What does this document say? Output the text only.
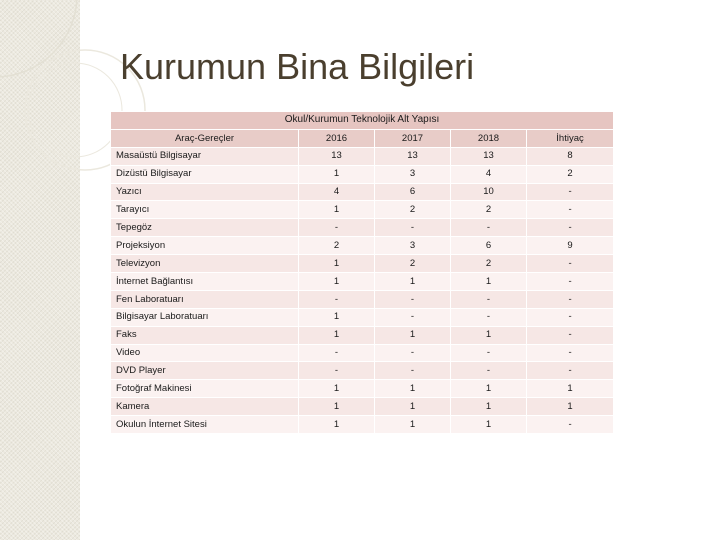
Kurumun Bina Bilgileri
Okul/Kurumun Teknolojik Alt Yapısı				
Araç-Gereçler	2016	2017	2018	İhtiyaç
Masaüstü Bilgisayar	13	13	13	8
Dizüstü Bilgisayar	1	3	4	2
Yazıcı	4	6	10	-
Tarayıcı	1	2	2	-
Tepegöz	-	-	-	-
Projeksiyon	2	3	6	9
Televizyon	1	2	2	-
İnternet Bağlantısı	1	1	1	-
Fen Laboratuarı	-	-	-	-
Bilgisayar Laboratuarı	1	-	-	-
Faks	1	1	1	-
Video	-	-	-	-
DVD Player	-	-	-	-
Fotoğraf Makinesi	1	1	1	1
Kamera	1	1	1	1
Okulun İnternet Sitesi	1	1	1	-
